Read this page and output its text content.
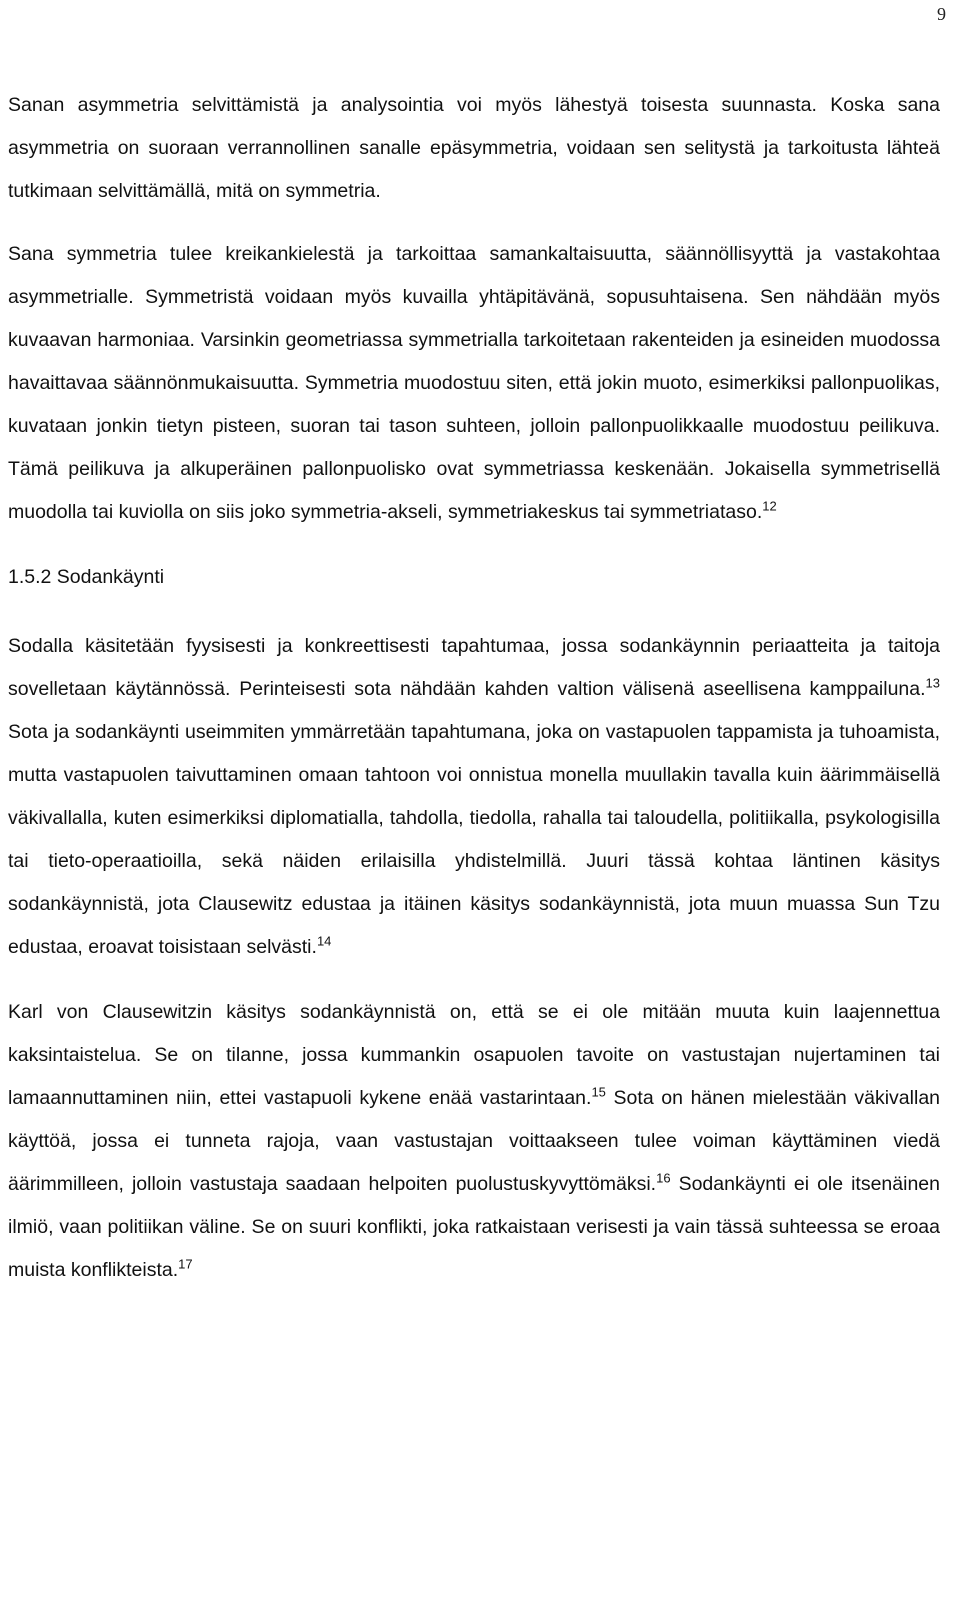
9

Sanan asymmetria selvittämistä ja analysointia voi myös lähestyä toisesta suunnasta. Koska sana asymmetria on suoraan verrannollinen sanalle epäsymmetria, voidaan sen selitystä ja tarkoitusta lähteä tutkimaan selvittämällä, mitä on symmetria.

Sana symmetria tulee kreikankielestä ja tarkoittaa samankaltaisuutta, säännöllisyyttä ja vastakohtaa asymmetrialle. Symmetristä voidaan myös kuvailla yhtäpitävänä, sopusuhtaisena. Sen nähdään myös kuvaavan harmoniaa. Varsinkin geometriassa symmetrialla tarkoitetaan rakenteiden ja esineiden muodossa havaittavaa säännönmukaisuutta. Symmetria muodostuu siten, että jokin muoto, esimerkiksi pallonpuolikas, kuvataan jonkin tietyn pisteen, suoran tai tason suhteen, jolloin pallonpuolikkaalle muodostuu peilikuva. Tämä peilikuva ja alkuperäinen pallonpuolisko ovat symmetriassa keskenään. Jokaisella symmetrisellä muodolla tai kuviolla on siis joko symmetria-akseli, symmetriakeskus tai symmetriataso.$^{12}$

1.5.2 Sodankäynti

Sodalla käsitetään fyysisesti ja konkreettisesti tapahtumaa, jossa sodankäynnin periaatteita ja taitoja sovelletaan käytännössä. Perinteisesti sota nähdään kahden valtion välisenä aseellisena kamppailuna.$^{13}$ Sota ja sodankäynti useimmiten ymmärretään tapahtumana, joka on vastapuolen tappamista ja tuhoamista, mutta vastapuolen taivuttaminen omaan tahtoon voi onnistua monella muullakin tavalla kuin äärimmäisellä väkivallalla, kuten esimerkiksi diplomatialla, tahdolla, tiedolla, rahalla tai taloudella, politiikalla, psykologisilla tai tieto-operaatioilla, sekä näiden erilaisilla yhdistelmillä. Juuri tässä kohtaa läntinen käsitys sodankäynnistä, jota Clausewitz edustaa ja itäinen käsitys sodankäynnistä, jota muun muassa Sun Tzu edustaa, eroavat toisistaan selvästi.$^{14}$

Karl von Clausewitzin käsitys sodankäynnistä on, että se ei ole mitään muuta kuin laajennettua kaksintaistelua. Se on tilanne, jossa kummankin osapuolen tavoite on vastustajan nujertaminen tai lamaannuttaminen niin, ettei vastapuoli kykene enää vastarintaan.$^{15}$ Sota on hänen mielestään väkivallan käyttöä, jossa ei tunneta rajoja, vaan vastustajan voittaakseen tulee voiman käyttäminen viedä äärimmilleen, jolloin vastustaja saadaan helpoiten puolustuskyvyttömäksi.$^{16}$ Sodankäynti ei ole itsenäinen ilmiö, vaan politiikan väline. Se on suuri konflikti, joka ratkaistaan verisesti ja vain tässä suhteessa se eroaa muista konflikteista.$^{17}$
